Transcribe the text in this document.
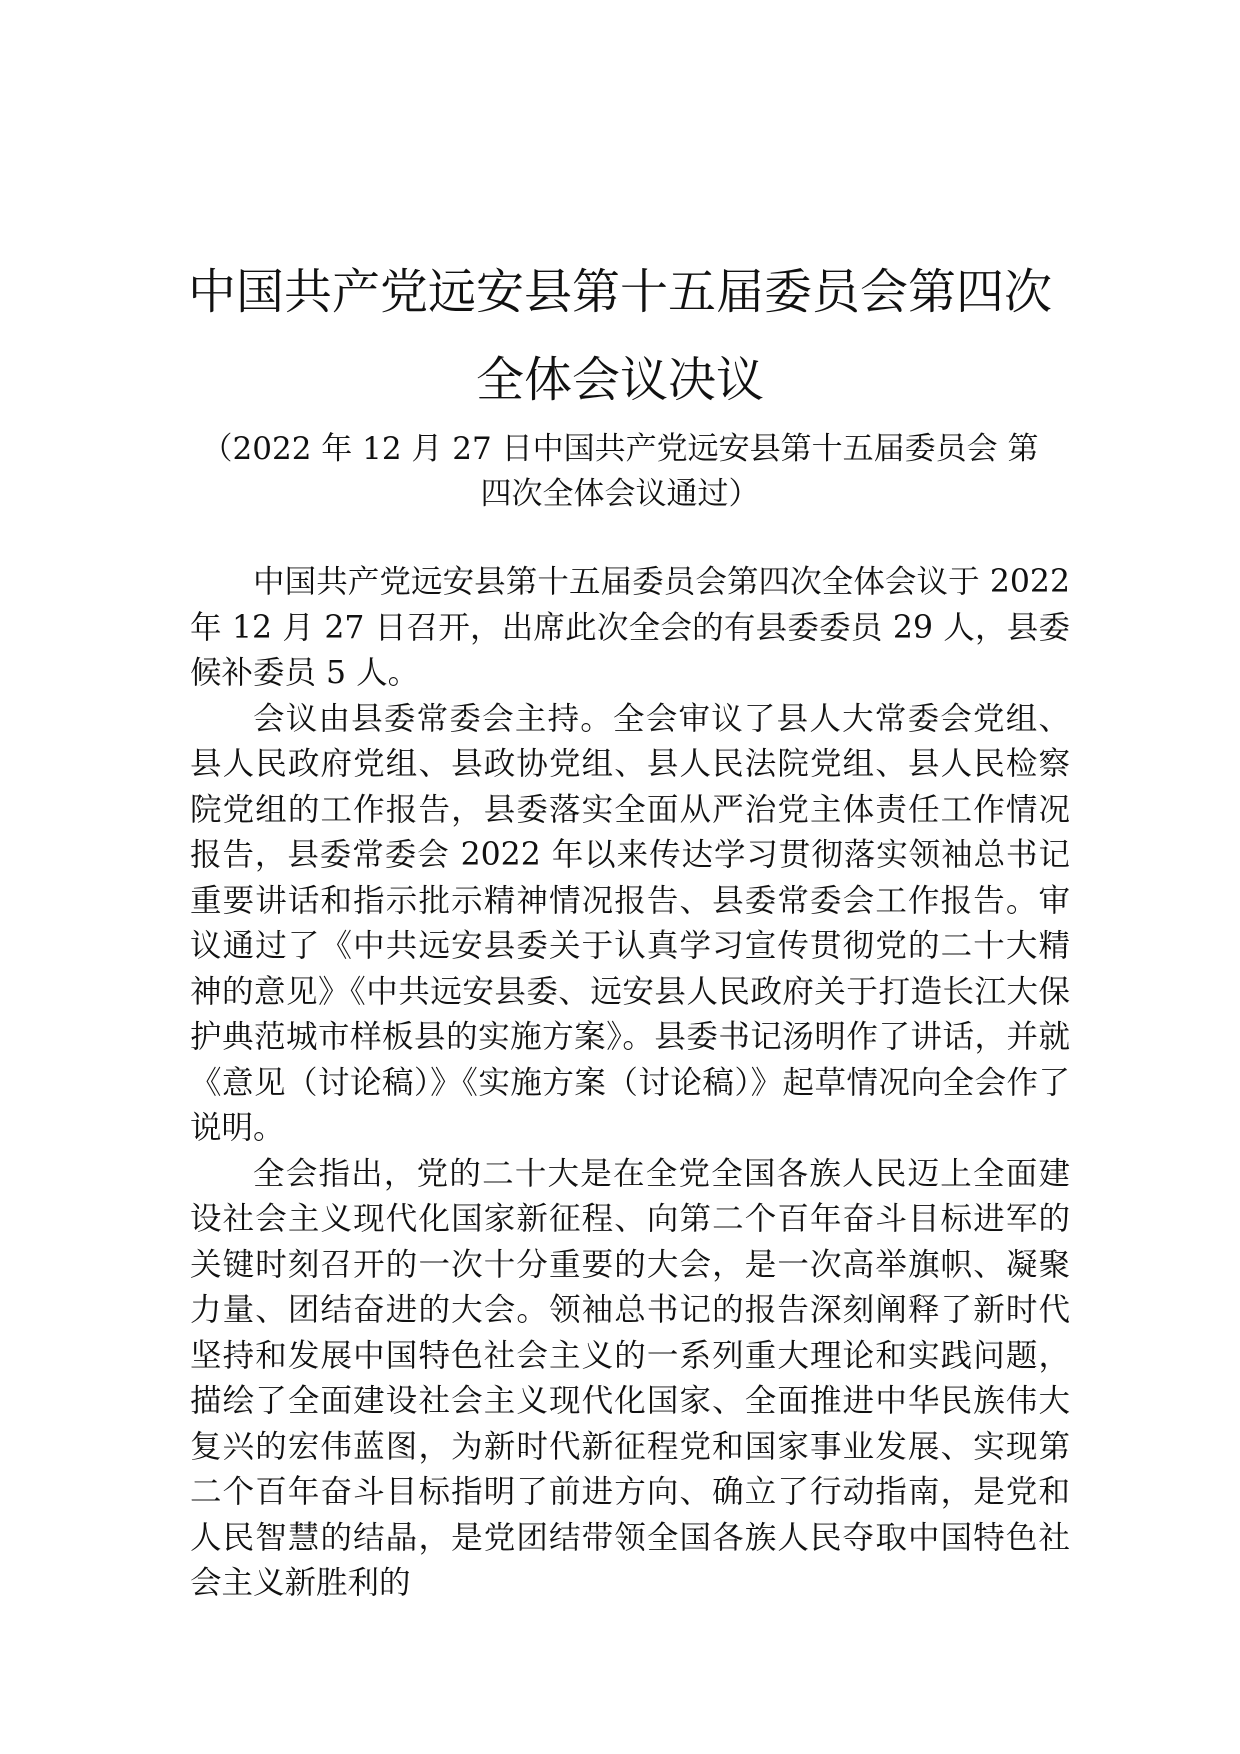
中国共产党远安县第十五届委员会第四次
全体会议决议
（2022 年 12 月 27 日中国共产党远安县第十五届委员会 第
四次全体会议通过）

中国共产党远安县第十五届委员会第四次全体会议于 2022 年 12 月 27 日召开，出席此次全会的有县委委员 29 人，县委候补委员 5 人。

会议由县委常委会主持。全会审议了县人大常委会党组、县人民政府党组、县政协党组、县人民法院党组、县人民检察院党组的工作报告，县委落实全面从严治党主体责任工作情况报告，县委常委会 2022 年以来传达学习贯彻落实领袖总书记重要讲话和指示批示精神情况报告、县委常委会工作报告。审议通过了《中共远安县委关于认真学习宣传贯彻党的二十大精神的意见》《中共远安县委、远安县人民政府关于打造长江大保护典范城市样板县的实施方案》。县委书记汤明作了讲话，并就《意见（讨论稿）》《实施方案（讨论稿）》起草情况向全会作了说明。

全会指出，党的二十大是在全党全国各族人民迈上全面建设社会主义现代化国家新征程、向第二个百年奋斗目标进军的关键时刻召开的一次十分重要的大会，是一次高举旗帜、凝聚力量、团结奋进的大会。领袖总书记的报告深刻阐释了新时代坚持和发展中国特色社会主义的一系列重大理论和实践问题，描绘了全面建设社会主义现代化国家、全面推进中华民族伟大复兴的宏伟蓝图，为新时代新征程党和国家事业发展、实现第二个百年奋斗目标指明了前进方向、确立了行动指南，是党和人民智慧的结晶，是党团结带领全国各族人民夺取中国特色社会主义新胜利的
